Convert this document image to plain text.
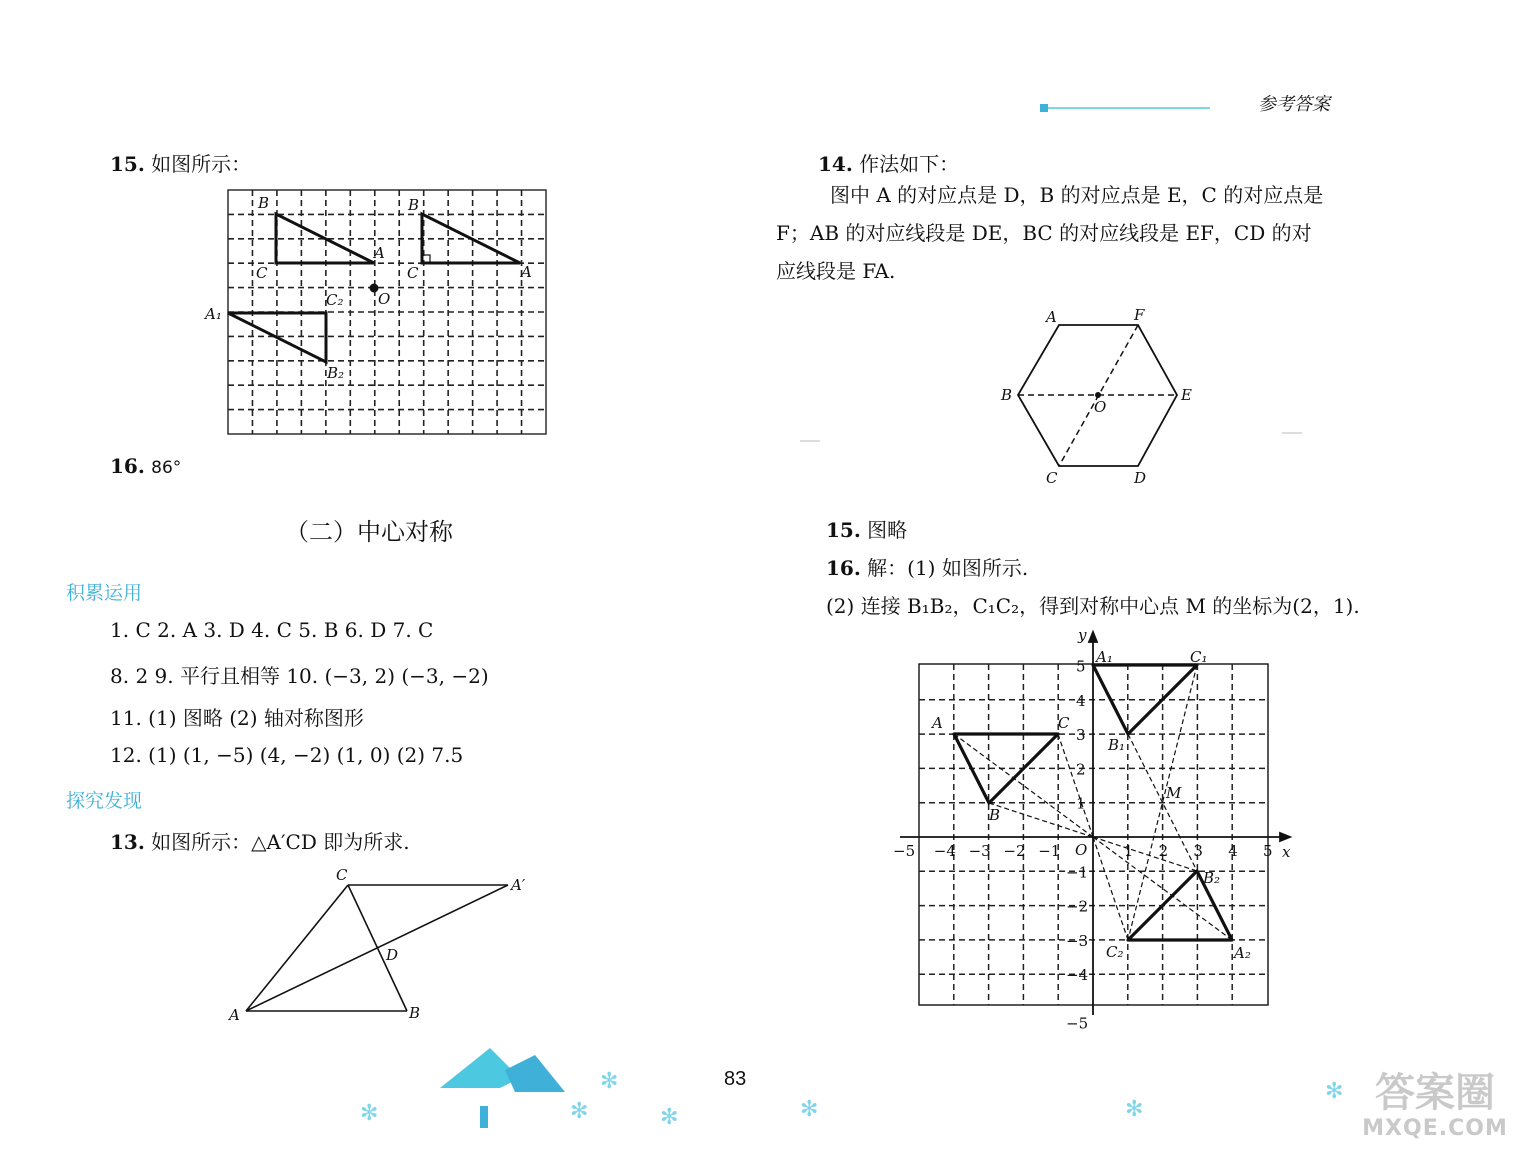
参考答案
15. 如图所示：
B
C
A
B
C	A
O
A₁
C₂
B₂
16. 86°
（二）中心对称
积累运用
1. C 2. A 3. D 4. C 5. B 6. D 7. C
8. 2 9. 平行且相等 10. (−3, 2) (−3, −2)
11. (1) 图略 (2) 轴对称图形
12. (1) (1, −5) (4, −2) (1, 0) (2) 7.5
探究发现
13. 如图所示：△A′CD 即为所求.
C
A′
D
A	B
14. 作法如下：
图中 A 的对应点是 D，B 的对应点是 E，C 的对应点是
F；AB 的对应线段是 DE，BC 的对应线段是 EF，CD 的对
应线段是 FA.
A	F
B
O
E
C	D
15. 图略
16. 解：(1) 如图所示.
(2) 连接 B₁B₂，C₁C₂，得到对称中心点 M 的坐标为(2，1).
−5 −4 −3 −2 −1	1 2 3 4 5
5
4
3
2
1
−1
−2
−3
−4
−5
x
y
O
A₁	C₁
B₁
A	C
B
M
B₂
C₂	A₂
83
✻	✻
✻
✻	✻	✻
✻ 答案圈
MXQE.COM
